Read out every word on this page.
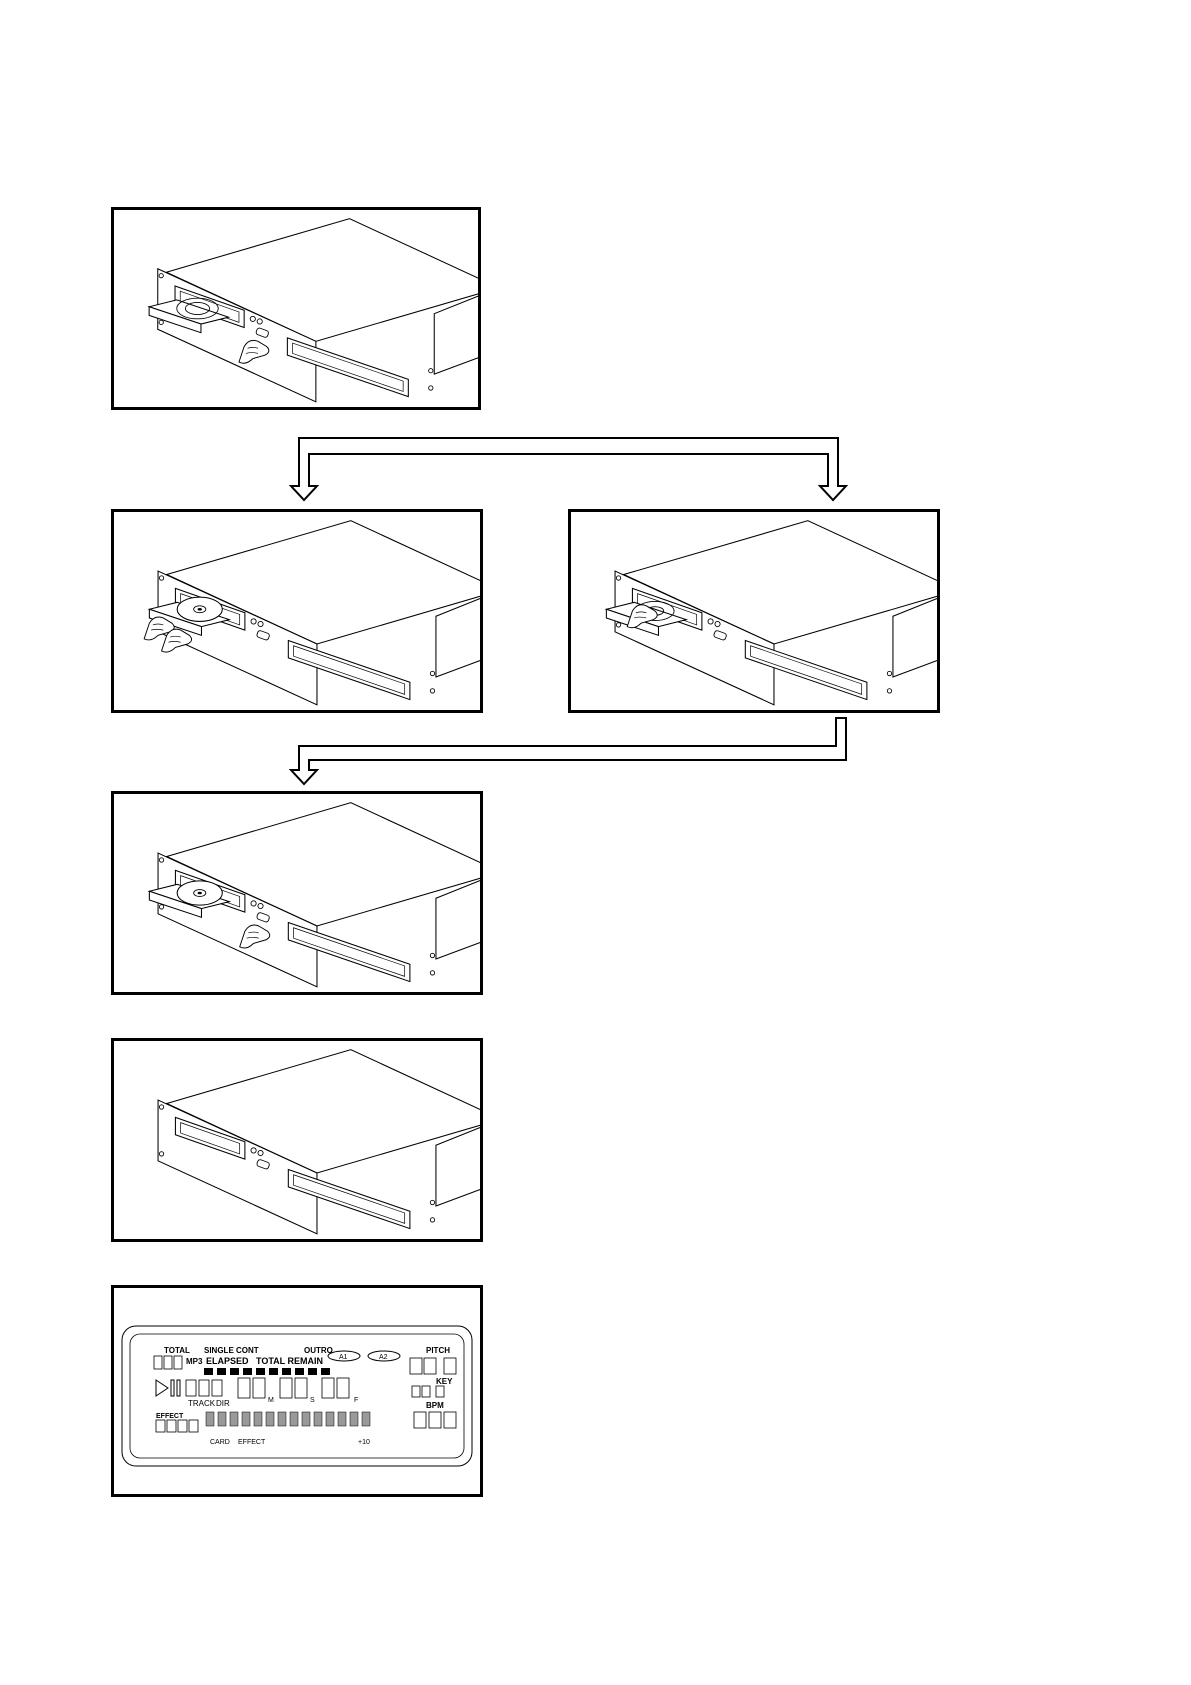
TOTAL SINGLE CONT	OUTRO
A1	A2
PITCH
MP3 ELAPSED TOTAL REMAIN
TRACK DIR	M	S	F
KEY
BPM
EFFECT
CARD EFFECT	+10
